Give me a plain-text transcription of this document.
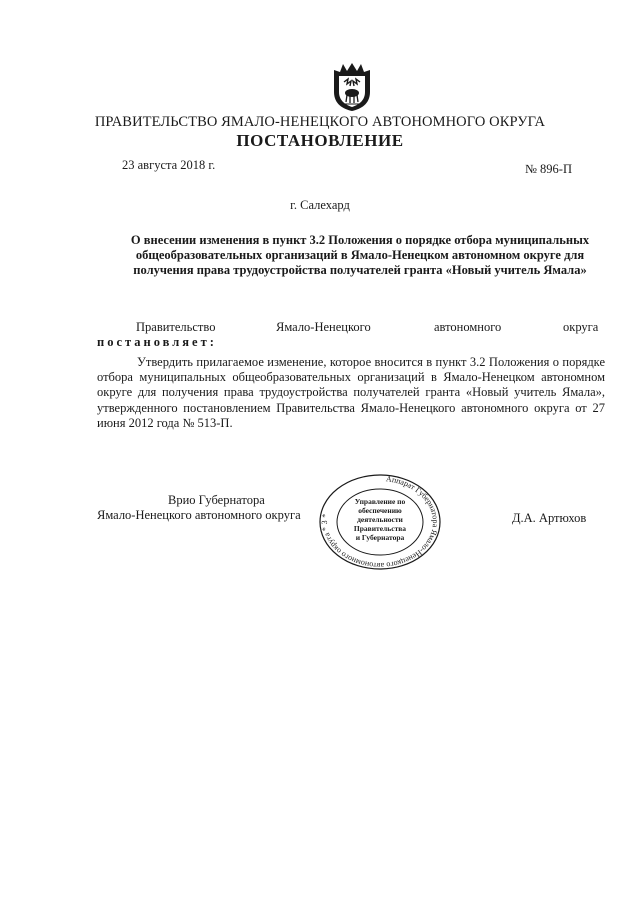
ПРАВИТЕЛЬСТВО ЯМАЛО-НЕНЕЦКОГО АВТОНОМНОГО ОКРУГА
ПОСТАНОВЛЕНИЕ
23 августа 2018 г.	№ 896-П
г. Салехард
О внесении изменения в пункт 3.2 Положения о порядке отбора муниципальных общеобразовательных организаций в Ямало-Ненецком автономном округе для получения права трудоустройства получателей гранта «Новый учитель Ямала»
Правительство	Ямало-Ненецкого	автономного	округа
постановляет:
Утвердить прилагаемое изменение, которое вносится в пункт 3.2 Положения о порядке отбора муниципальных общеобразовательных организаций в Ямало-Ненецком автономном округе для получения права трудоустройства получателей гранта «Новый учитель Ямала», утвержденного постановлением Правительства Ямало-Ненецкого автономного округа от 27 июня 2012 года № 513-П.
Врио Губернатора
Ямало-Ненецкого автономного округа	Д.А. Артюхов
Аппарат Губернатора Ямало-Ненецкого автономного округа * 3 *
Управление по
обеспечению
деятельности
Правительства
и Губернатора
